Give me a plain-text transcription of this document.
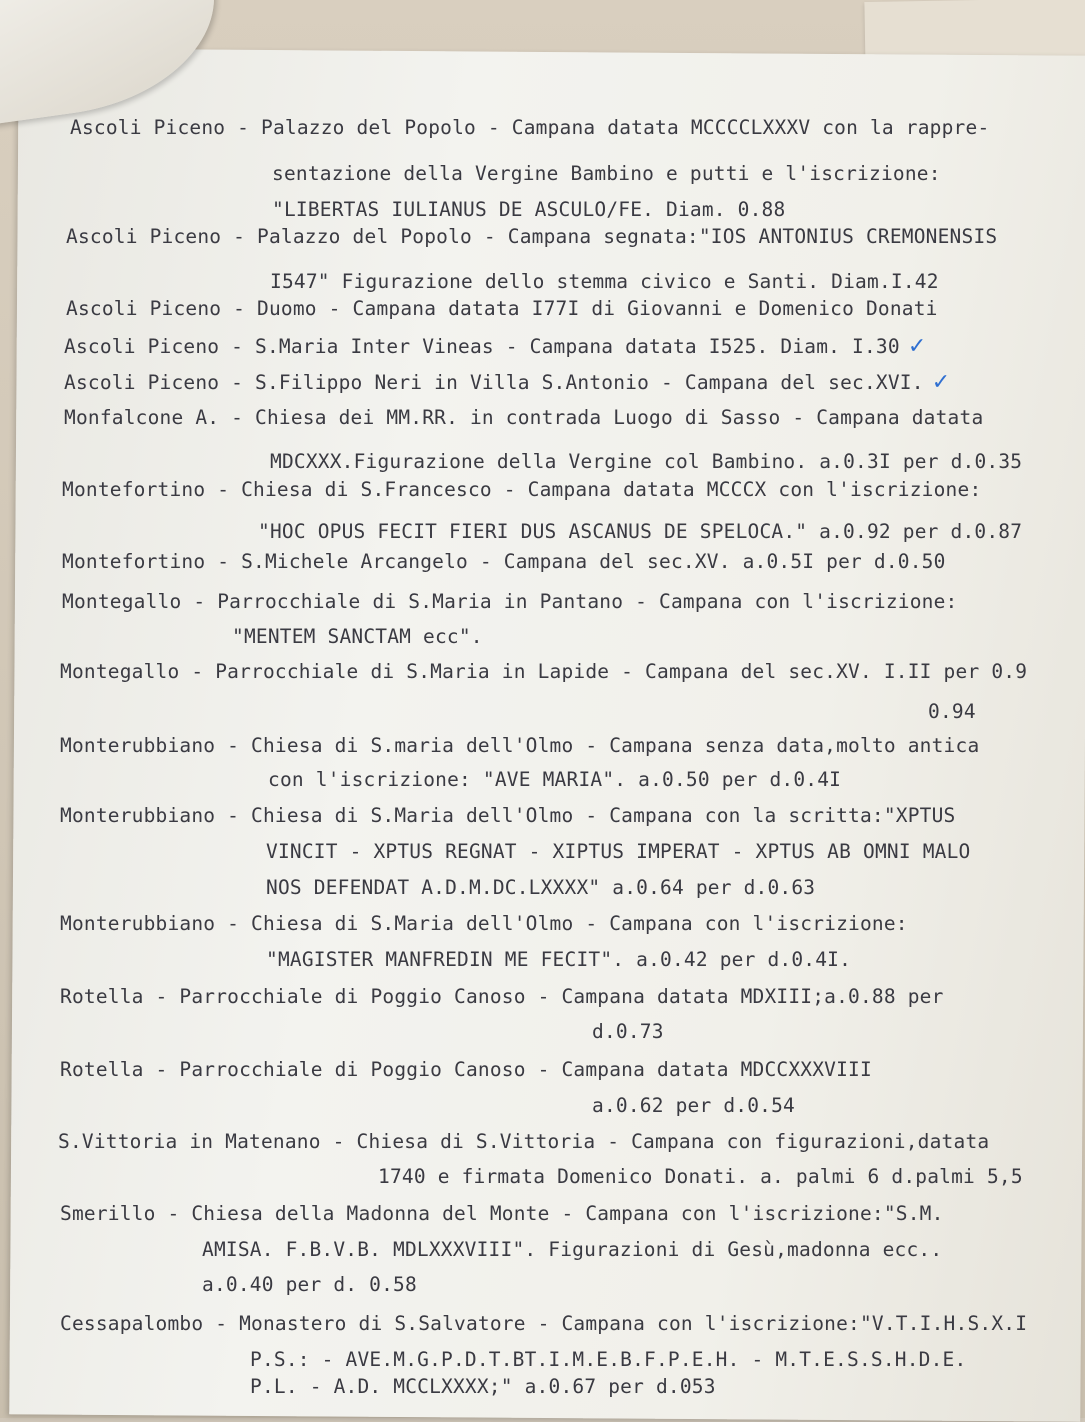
Ascoli Piceno - Palazzo del Popolo - Campana datata MCCCCLXXXV con la rappre-
sentazione della Vergine Bambino e putti e l'iscrizione:
"LIBERTAS IULIANUS DE ASCULO/FE. Diam. 0.88
Ascoli Piceno - Palazzo del Popolo - Campana segnata:"IOS ANTONIUS CREMONENSIS
I547" Figurazione dello stemma civico e Santi. Diam.I.42
Ascoli Piceno - Duomo - Campana datata I77I di Giovanni e Domenico Donati
Ascoli Piceno - S.Maria Inter Vineas - Campana datata I525. Diam. I.30 ✓
Ascoli Piceno - S.Filippo Neri in Villa S.Antonio - Campana del sec.XVI. ✓
Monfalcone A. - Chiesa dei MM.RR. in contrada Luogo di Sasso - Campana datata
MDCXXX.Figurazione della Vergine col Bambino. a.0.3I per d.0.35
Montefortino - Chiesa di S.Francesco - Campana datata MCCCX con l'iscrizione:
"HOC OPUS FECIT FIERI DUS ASCANUS DE SPELOCA." a.0.92 per d.0.87
Montefortino - S.Michele Arcangelo - Campana del sec.XV. a.0.5I per d.0.50
Montegallo - Parrocchiale di S.Maria in Pantano - Campana con l'iscrizione:
"MENTEM SANCTAM ecc".
Montegallo - Parrocchiale di S.Maria in Lapide - Campana del sec.XV. I.II per 0.9
0.94
Monterubbiano - Chiesa di S.maria dell'Olmo - Campana senza data,molto antica
con l'iscrizione: "AVE MARIA". a.0.50 per d.0.4I
Monterubbiano - Chiesa di S.Maria dell'Olmo - Campana con la scritta:"XPTUS
VINCIT - XPTUS REGNAT - XIPTUS IMPERAT - XPTUS AB OMNI MALO
NOS DEFENDAT A.D.M.DC.LXXXX" a.0.64 per d.0.63
Monterubbiano - Chiesa di S.Maria dell'Olmo - Campana con l'iscrizione:
"MAGISTER MANFREDIN ME FECIT". a.0.42 per d.0.4I.
Rotella - Parrocchiale di Poggio Canoso - Campana datata MDXIII;a.0.88 per
d.0.73
Rotella - Parrocchiale di Poggio Canoso - Campana datata MDCCXXXVIII
a.0.62 per d.0.54
S.Vittoria in Matenano - Chiesa di S.Vittoria - Campana con figurazioni,datata
1740 e firmata Domenico Donati. a. palmi 6 d.palmi 5,5
Smerillo - Chiesa della Madonna del Monte - Campana con l'iscrizione:"S.M.
AMISA. F.B.V.B. MDLXXXVIII". Figurazioni di Gesù,madonna ecc..
a.0.40 per d. 0.58
Cessapalombo - Monastero di S.Salvatore - Campana con l'iscrizione:"V.T.I.H.S.X.I
P.S.: - AVE.M.G.P.D.T.BT.I.M.E.B.F.P.E.H. - M.T.E.S.S.H.D.E.
P.L. - A.D. MCCLXXXX;" a.0.67 per d.053
